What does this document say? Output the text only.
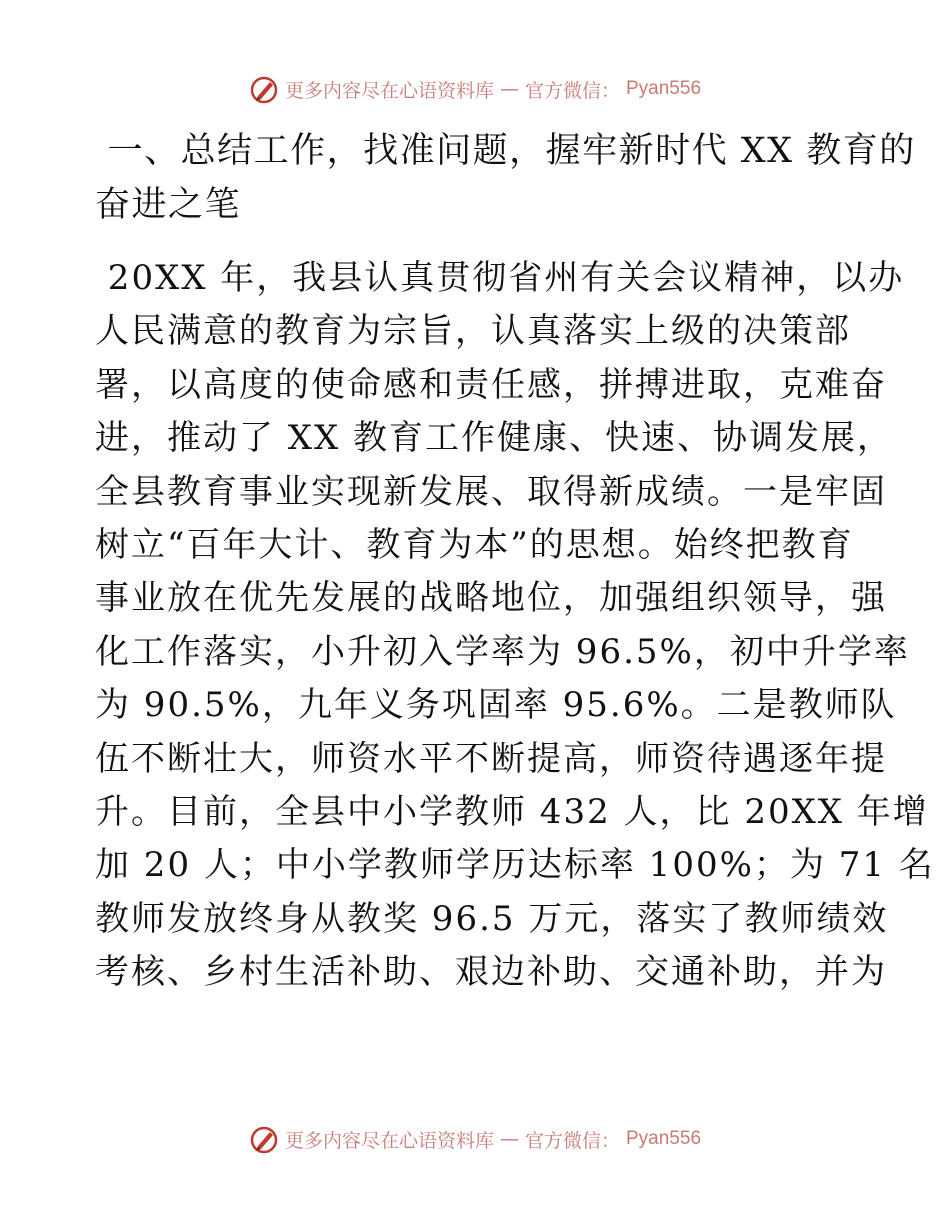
更多内容尽在心语资料库 — 官方微信： Pyan556
一、总结工作，找准问题，握牢新时代 XX 教育的
奋进之笔
20XX 年，我县认真贯彻省州有关会议精神，以办
人民满意的教育为宗旨，认真落实上级的决策部
署，以高度的使命感和责任感，拼搏进取，克难奋
进，推动了 XX 教育工作健康、快速、协调发展，
全县教育事业实现新发展、取得新成绩。一是牢固
树立“百年大计、教育为本”的思想。始终把教育
事业放在优先发展的战略地位，加强组织领导，强
化工作落实，小升初入学率为 96.5%，初中升学率
为 90.5%，九年义务巩固率 95.6%。二是教师队
伍不断壮大，师资水平不断提高，师资待遇逐年提
升。目前，全县中小学教师 432 人，比 20XX 年增
加 20 人；中小学教师学历达标率 100%；为 71 名
教师发放终身从教奖 96.5 万元，落实了教师绩效
考核、乡村生活补助、艰边补助、交通补助，并为
更多内容尽在心语资料库 — 官方微信： Pyan556
